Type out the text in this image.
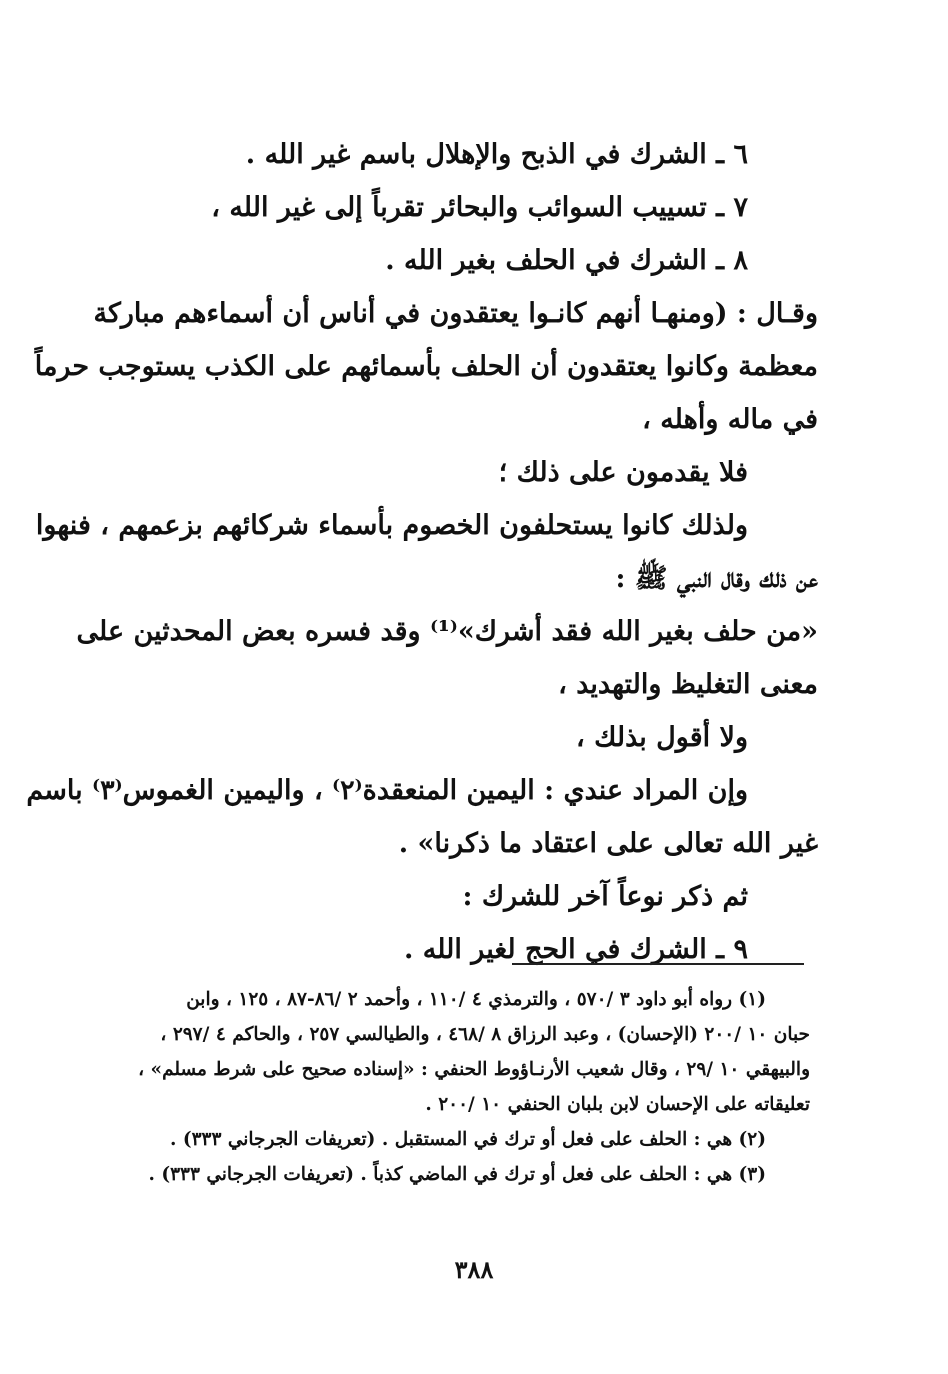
٦ ـ الشرك في الذبح والإهلال باسم غير الله .
٧ ـ تسييب السوائب والبحائر تقرباً إلى غير الله ،
٨ ـ الشرك في الحلف بغير الله .
وقـال : (ومنهـا أنهم كانـوا يعتقدون في أناس أن أسماءهم مباركة
معظمة وكانوا يعتقدون أن الحلف بأسمائهم على الكذب يستوجب حرماً
في ماله وأهله ،
فلا يقدمون على ذلك ؛
ولذلك كانوا يستحلفون الخصوم بأسماء شركائهم بزعمهم ، فنهوا
عن ذلك وقال النبي ﷺ :
«من حلف بغير الله فقد أشرك»⁽¹⁾ وقد فسره بعض المحدثين على
معنى التغليظ والتهديد ،
ولا أقول بذلك ،
وإن المراد عندي : اليمين المنعقدة⁽٢⁾ ، واليمين الغموس⁽٣⁾ باسم
غير الله تعالى على اعتقاد ما ذكرنا» .
ثم ذكر نوعاً آخر للشرك :
٩ ـ الشرك في الحج لغير الله .
(١) رواه أبو داود ٣ /٥٧٠ ، والترمذي ٤ /١١٠ ، وأحمد ٢ /٨٦-٨٧ ، ١٢٥ ، وابن
حبان ١٠ /٢٠٠ (الإحسان) ، وعبد الرزاق ٨ /٤٦٨ ، والطيالسي ٢٥٧ ، والحاكم ٤ /٢٩٧ ،
والبيهقي ١٠ /٢٩ ، وقال شعيب الأرنـاؤوط الحنفي : «إسناده صحيح على شرط مسلم» ،
تعليقاته على الإحسان لابن بلبان الحنفي ١٠ /٢٠٠ .
(٢) هي : الحلف على فعل أو ترك في المستقبل . (تعريفات الجرجاني ٣٣٣) .
(٣) هي : الحلف على فعل أو ترك في الماضي كذباً . (تعريفات الجرجاني ٣٣٣) .
٣٨٨
